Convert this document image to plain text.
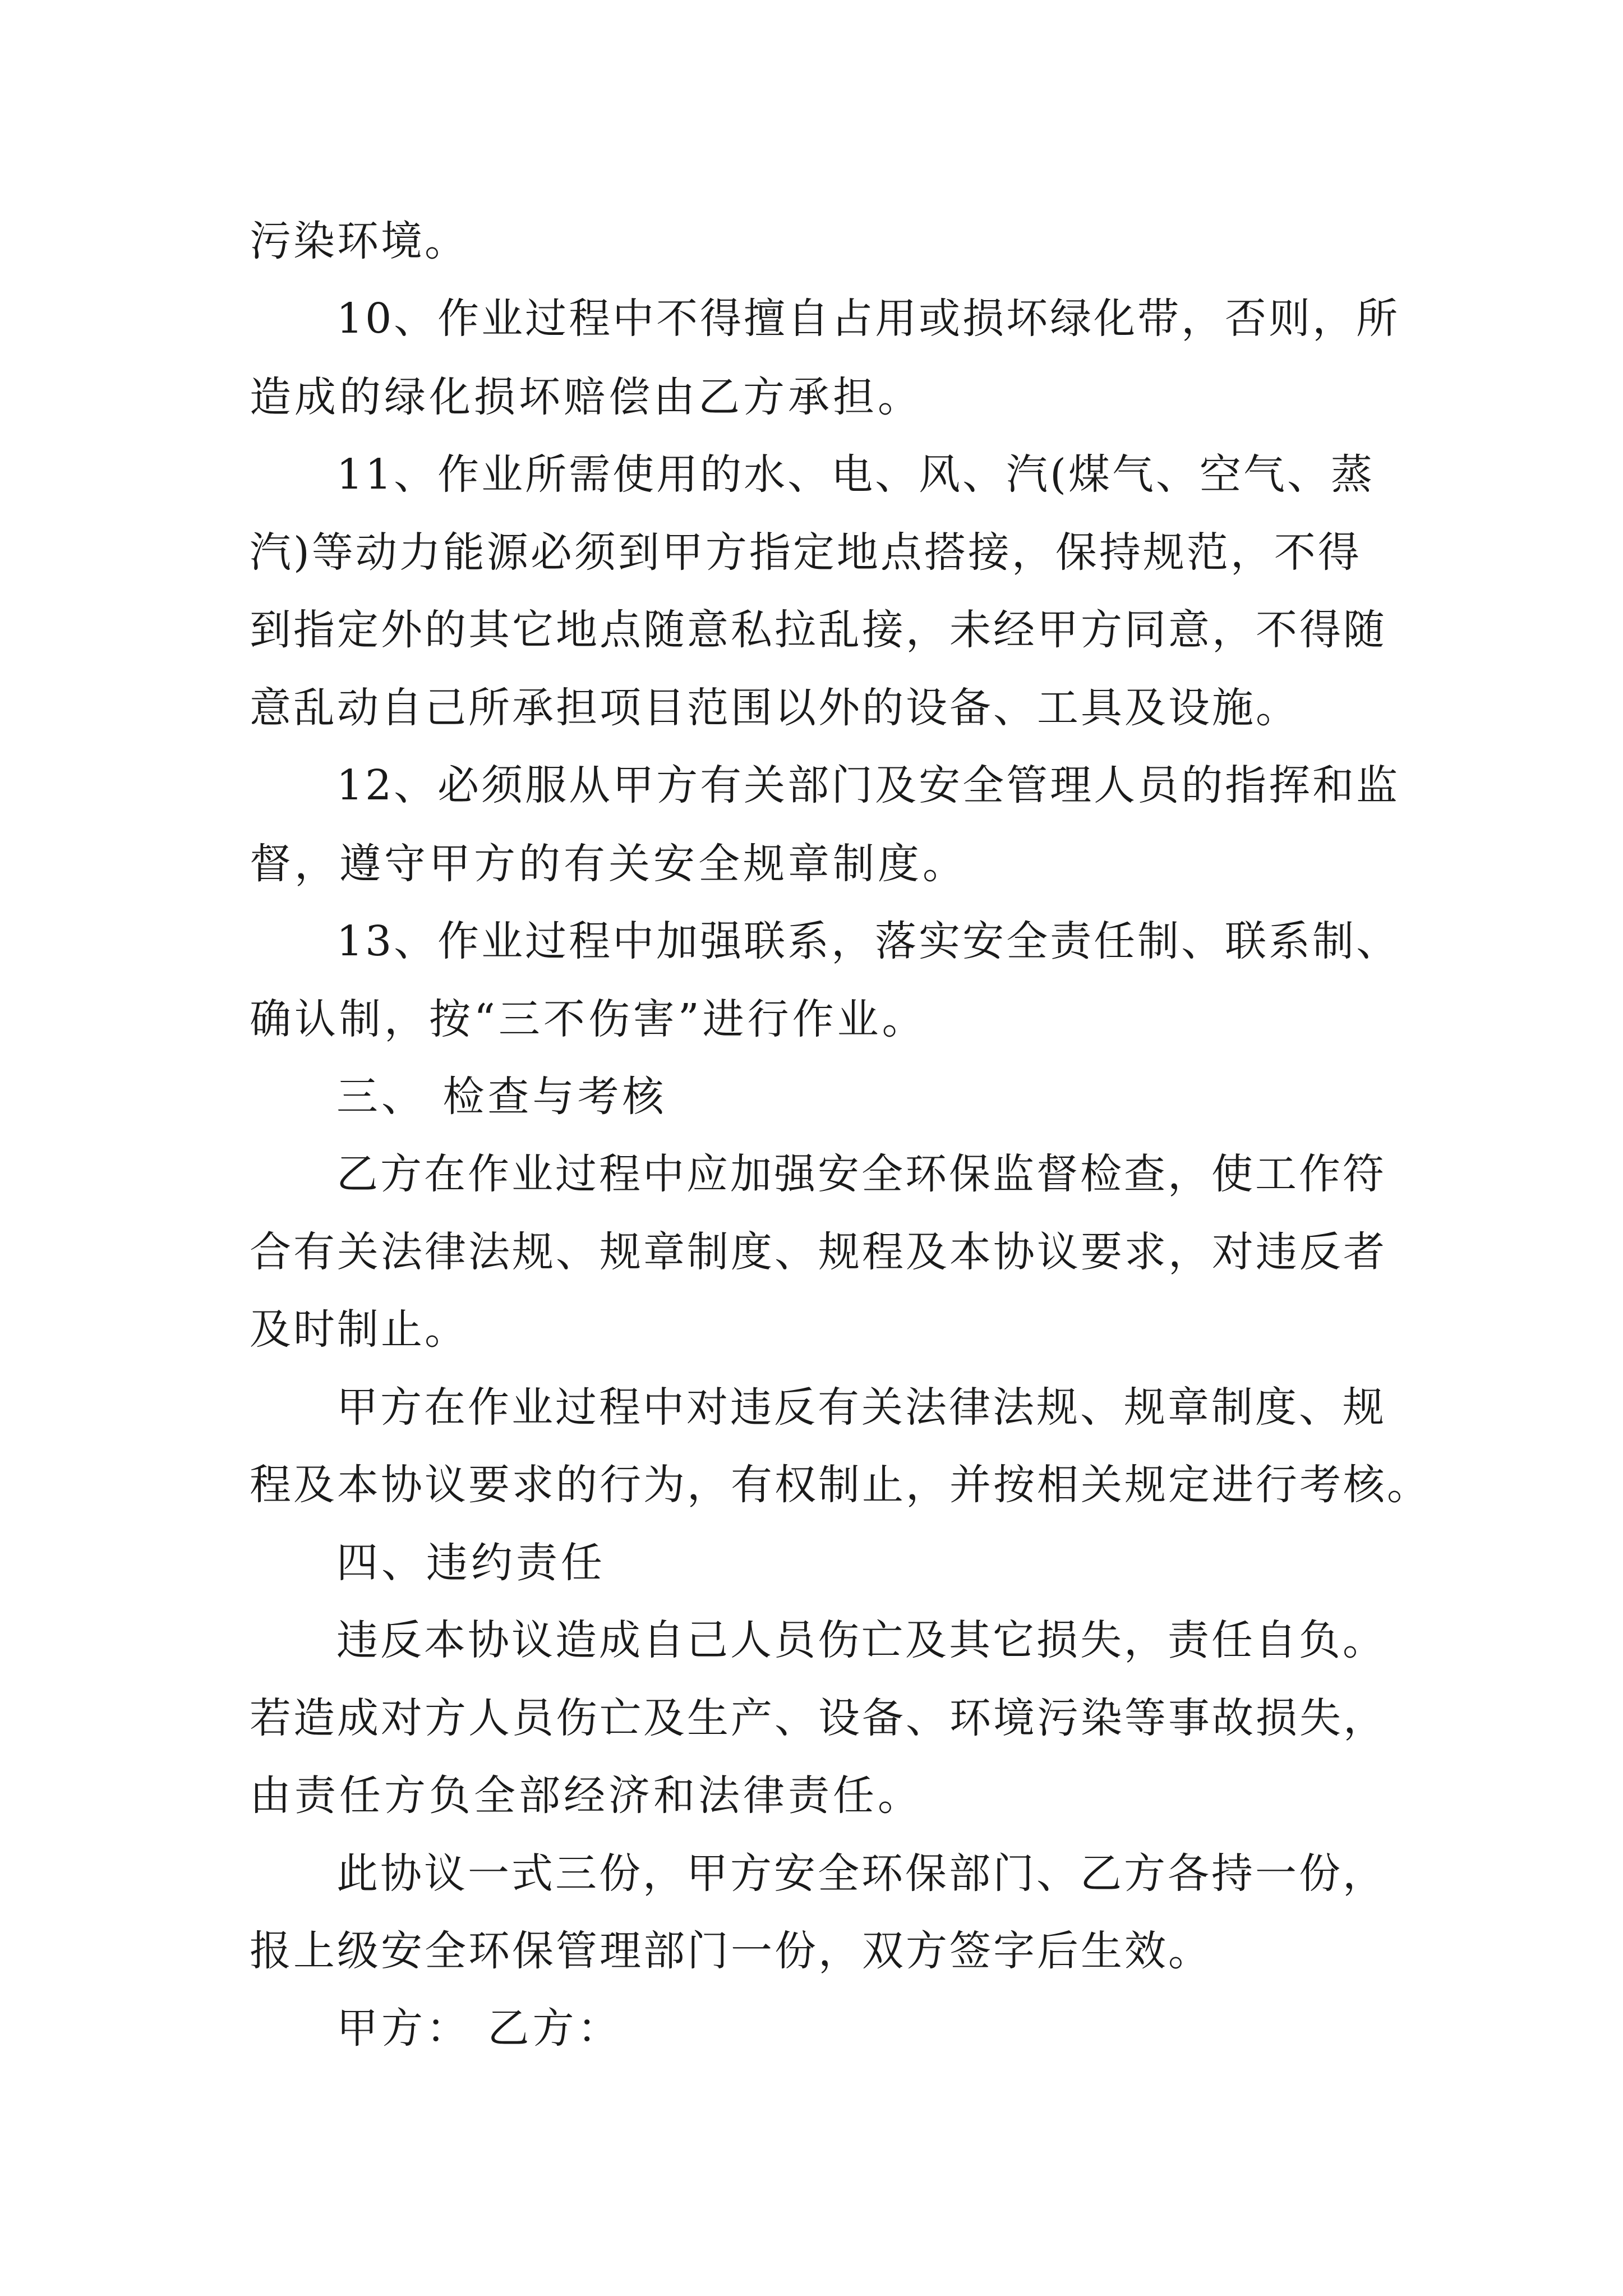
污染环境。
10、作业过程中不得擅自占用或损坏绿化带，否则，所
造成的绿化损坏赔偿由乙方承担。
11、作业所需使用的水、电、风、汽(煤气、空气、蒸
汽)等动力能源必须到甲方指定地点搭接，保持规范，不得
到指定外的其它地点随意私拉乱接，未经甲方同意，不得随
意乱动自己所承担项目范围以外的设备、工具及设施。
12、必须服从甲方有关部门及安全管理人员的指挥和监
督，遵守甲方的有关安全规章制度。
13、作业过程中加强联系，落实安全责任制、联系制、
确认制，按“三不伤害”进行作业。
三、 检查与考核
乙方在作业过程中应加强安全环保监督检查，使工作符
合有关法律法规、规章制度、规程及本协议要求，对违反者
及时制止。
甲方在作业过程中对违反有关法律法规、规章制度、规
程及本协议要求的行为，有权制止，并按相关规定进行考核。
四、违约责任
违反本协议造成自己人员伤亡及其它损失，责任自负。
若造成对方人员伤亡及生产、设备、环境污染等事故损失，
由责任方负全部经济和法律责任。
此协议一式三份，甲方安全环保部门、乙方各持一份，
报上级安全环保管理部门一份，双方签字后生效。
甲方： 乙方：
